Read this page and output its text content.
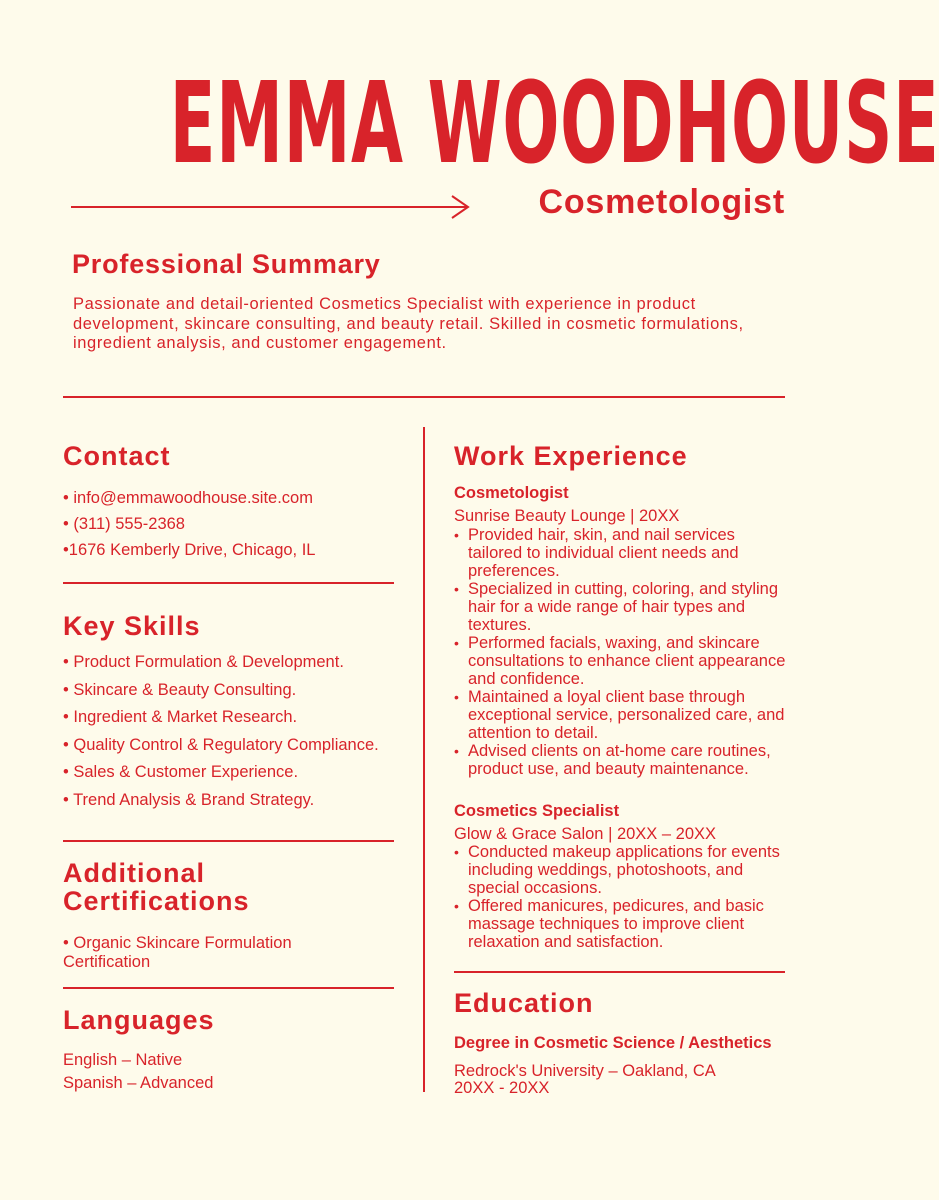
EMMA WOODHOUSE
Cosmetologist
Professional Summary
Passionate and detail-oriented Cosmetics Specialist with experience in product development, skincare consulting, and beauty retail. Skilled in cosmetic formulations, ingredient analysis, and customer engagement.
Contact
• info@emmawoodhouse.site.com
• (311) 555-2368
•1676 Kemberly Drive, Chicago, IL
Key Skills
• Product Formulation & Development.
• Skincare & Beauty Consulting.
• Ingredient & Market Research.
• Quality Control & Regulatory Compliance.
• Sales & Customer Experience.
• Trend Analysis & Brand Strategy.
Additional
Certifications
• Organic Skincare Formulation Certification
Languages
English – Native
Spanish – Advanced
Work Experience
Cosmetologist
Sunrise Beauty Lounge | 20XX
• Provided hair, skin, and nail services tailored to individual client needs and preferences.
• Specialized in cutting, coloring, and styling hair for a wide range of hair types and textures.
• Performed facials, waxing, and skincare consultations to enhance client appearance and confidence.
• Maintained a loyal client base through exceptional service, personalized care, and attention to detail.
• Advised clients on at-home care routines, product use, and beauty maintenance.
Cosmetics Specialist
Glow & Grace Salon | 20XX – 20XX
• Conducted makeup applications for events including weddings, photoshoots, and special occasions.
• Offered manicures, pedicures, and basic massage techniques to improve client relaxation and satisfaction.
Education
Degree in Cosmetic Science / Aesthetics
Redrock's University – Oakland, CA
20XX - 20XX
